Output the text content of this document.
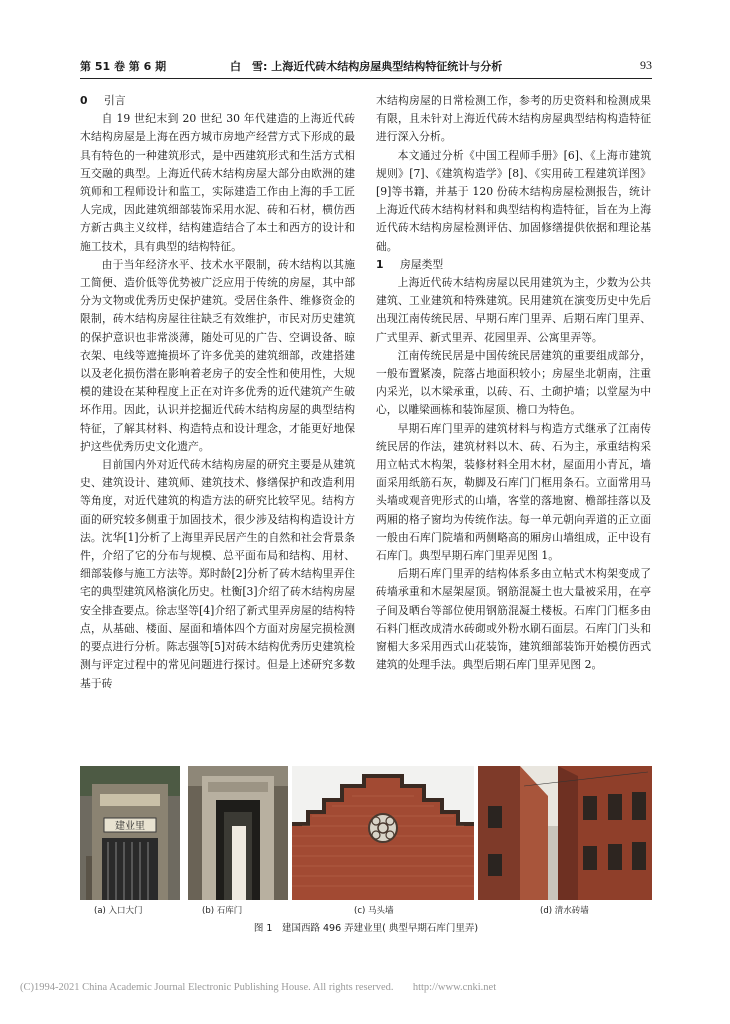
第 51 卷 第 6 期	白　雪: 上海近代砖木结构房屋典型结构特征统计与分析	93
0 引言

自 19 世纪末到 20 世纪 30 年代建造的上海近代砖木结构房屋是上海在西方城市房地产经营方式下形成的最具有特色的一种建筑形式，是中西建筑形式和生活方式相互交融的典型。上海近代砖木结构房屋大部分由欧洲的建筑师和工程师设计和监工，实际建造工作由上海的手工匠人完成，因此建筑细部装饰采用水泥、砖和石材，横仿西方新古典主义纹样，结构建造结合了本土和西方的设计和施工技术，具有典型的结构特征。

由于当年经济水平、技术水平限制，砖木结构以其施工简便、造价低等优势被广泛应用于传统的房屋，其中部分为文物或优秀历史保护建筑。受居住条件、维修资金的限制，砖木结构房屋往往缺乏有效维护，市民对历史建筑的保护意识也非常淡薄，随处可见的广告、空调设备、晾衣架、电线等遮掩损坏了许多优美的建筑细部，改建搭建以及老化损伤潜在影响着老房子的安全性和使用性，大规模的建设在某种程度上正在对许多优秀的近代建筑产生破坏作用。因此，认识并挖掘近代砖木结构房屋的典型结构特征，了解其材料、构造特点和设计理念，才能更好地保护这些优秀历史文化遗产。

目前国内外对近代砖木结构房屋的研究主要是从建筑史、建筑设计、建筑师、建筑技术、修缮保护和改造利用等角度，对近代建筑的构造方法的研究比较罕见。结构方面的研究较多侧重于加固技术，很少涉及结构构造设计方法。沈华[1]分析了上海里弄民居产生的自然和社会背景条件，介绍了它的分布与规模、总平面布局和结构、用材、细部装修与施工方法等。郑时龄[2]分析了砖木结构里弄住宅的典型建筑风格演化历史。杜衡[3]介绍了砖木结构房屋安全排查要点。徐志坚等[4]介绍了新式里弄房屋的结构特点，从基础、楼面、屋面和墙体四个方面对房屋完损检测的要点进行分析。陈志强等[5]对砖木结构优秀历史建筑检测与评定过程中的常见问题进行探讨。但是上述研究多数基于砖

木结构房屋的日常检测工作，参考的历史资料和检测成果有限，且未针对上海近代砖木结构房屋典型结构构造特征进行深入分析。

本文通过分析《中国工程师手册》[6]、《上海市建筑规则》[7]、《建筑构造学》[8]、《实用砖工程建筑详图》[9]等书籍，并基于 120 份砖木结构房屋检测报告，统计上海近代砖木结构材料和典型结构构造特征，旨在为上海近代砖木结构房屋检测评估、加固修缮提供依据和理论基础。

1 房屋类型

上海近代砖木结构房屋以民用建筑为主，少数为公共建筑、工业建筑和特殊建筑。民用建筑在演变历史中先后出现江南传统民居、早期石库门里弄、后期石库门里弄、广式里弄、新式里弄、花园里弄、公寓里弄等。

江南传统民居是中国传统民居建筑的重要组成部分，一般布置紧凑，院落占地面积较小；房屋坐北朝南，注重内采光，以木梁承重，以砖、石、土砌护墙；以堂屋为中心，以雕梁画栋和装饰屋顶、檐口为特色。

早期石库门里弄的建筑材料与构造方式继承了江南传统民居的作法，建筑材料以木、砖、石为主，承重结构采用立帖式木构架，装修材料全用木材，屋面用小青瓦，墙面采用纸筋石灰，勒脚及石库门门框用条石。立面常用马头墙或观音兜形式的山墙，客堂的落地窗、檐部挂落以及两厢的格子窗均为传统作法。每一单元朝向弄道的正立面一般由石库门院墙和两侧略高的厢房山墙组成，正中设有石库门。典型早期石库门里弄见图 1。

后期石库门里弄的结构体系多由立帖式木构架变成了砖墙承重和木屋架屋顶。钢筋混凝土也大量被采用，在亭子间及晒台等部位使用钢筋混凝土楼板。石库门门框多由石料门框改成清水砖砌或外粉水刷石面层。石库门门头和窗楣大多采用西式山花装饰，建筑细部装饰开始模仿西式建筑的处理手法。典型后期石库门里弄见图 2。

建业里
(a) 入口大门	(b) 石库门	(c) 马头墙	(d) 清水砖墙
图 1　建国西路 496 弄建业里( 典型早期石库门里弄)
(C)1994-2021 China Academic Journal Electronic Publishing House. All rights reserved. http://www.cnki.net
